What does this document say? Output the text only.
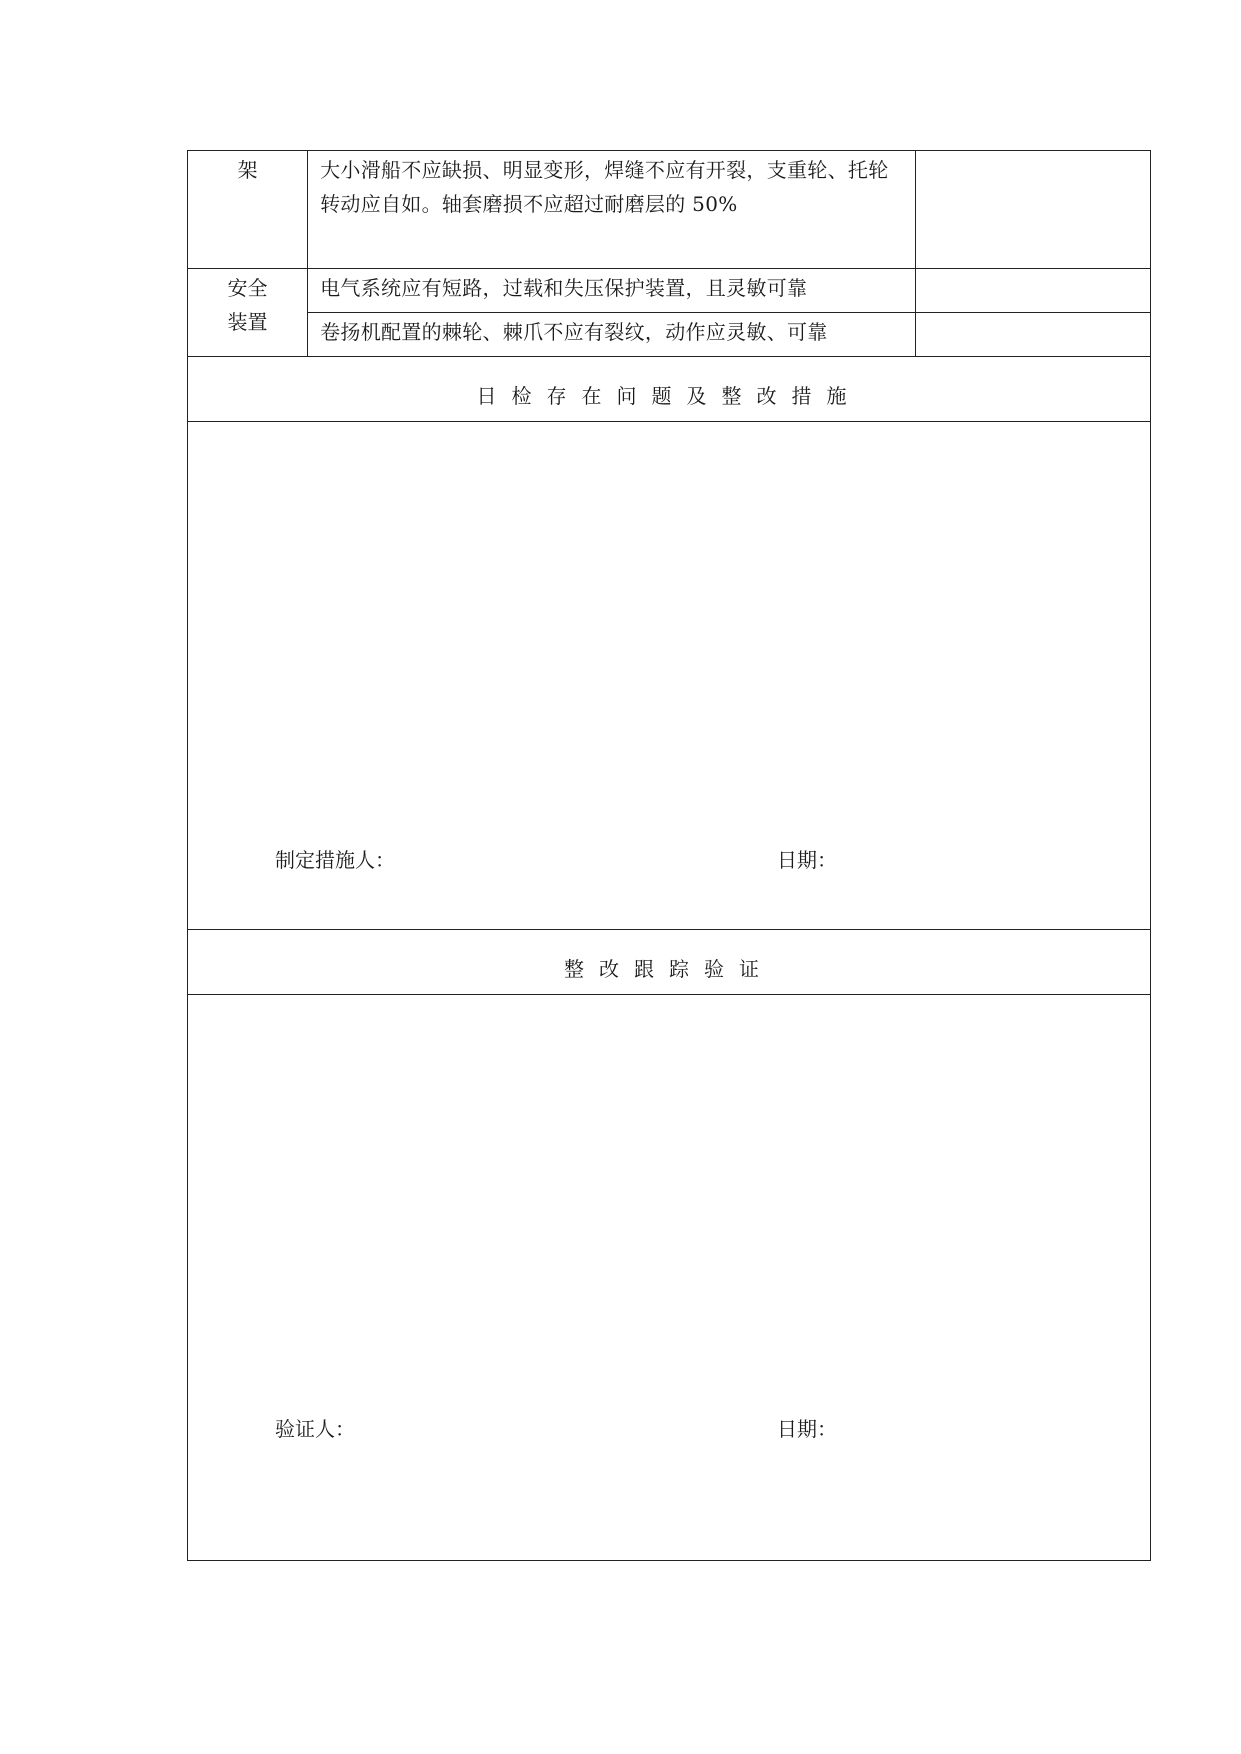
架	大小滑船不应缺损、明显变形，焊缝不应有开裂，支重轮、托轮转动应自如。轴套磨损不应超过耐磨层的 50%	

安全
装置	电气系统应有短路，过载和失压保护装置，且灵敏可靠	

	卷扬机配置的棘轮、棘爪不应有裂纹，动作应灵敏、可靠	

日检存在问题及整改措施		

制定措施人： 日期：		

整改跟踪验证		

验证人： 日期：		
